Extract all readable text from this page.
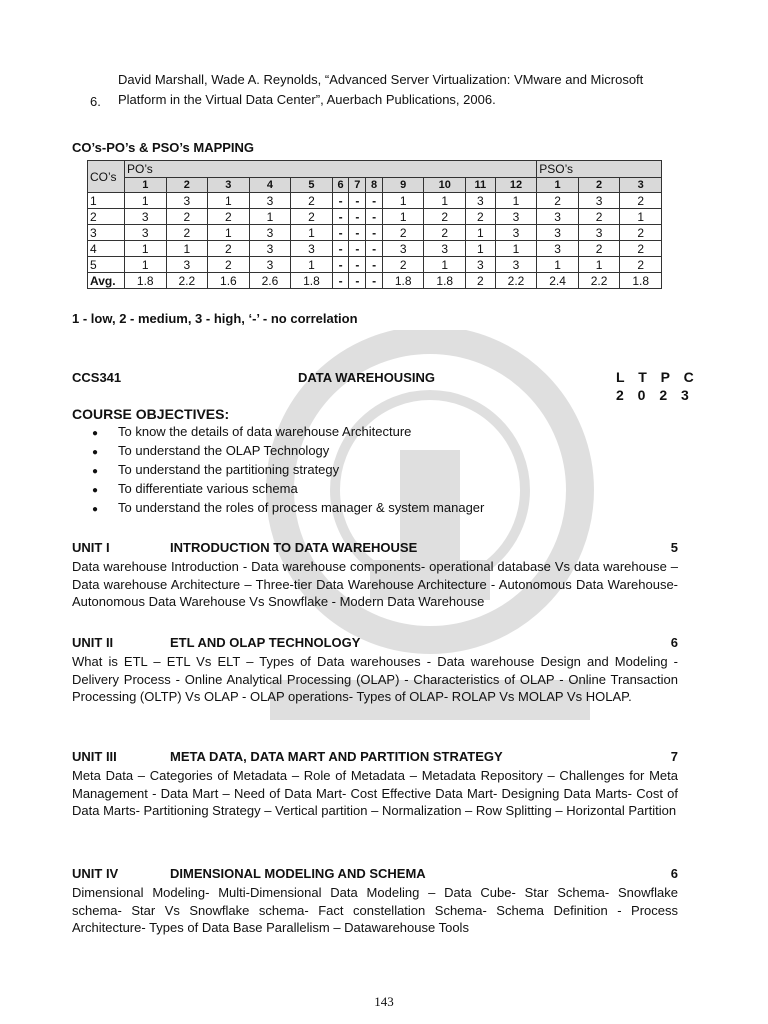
6.
David Marshall, Wade A. Reynolds, “Advanced Server Virtualization: VMware and Microsoft Platform in the Virtual Data Center”, Auerbach Publications, 2006.
CO’s-PO’s & PSO’s MAPPING
CO’s	PO’s												PSO’s		
	1	2	3	4	5	6	7	8	9	10	11	12	1	2	3
1	1	3	1	3	2	-	-	-	1	1	3	1	2	3	2
2	3	2	2	1	2	-	-	-	1	2	2	3	3	2	1
3	3	2	1	3	1	-	-	-	2	2	1	3	3	3	2
4	1	1	2	3	3	-	-	-	3	3	1	1	3	2	2
5	1	3	2	3	1	-	-	-	2	1	3	3	1	1	2
Avg.	1.8	2.2	1.6	2.6	1.8	-	-	-	1.8	1.8	2	2.2	2.4	2.2	1.8
1 - low, 2 - medium, 3 - high, ‘-’ - no correlation
CCS341	DATA WAREHOUSING	L T P C
2 0 2 3
COURSE OBJECTIVES:
● To know the details of data warehouse Architecture
● To understand the OLAP Technology
● To understand the partitioning strategy
● To differentiate various schema
● To understand the roles of process manager & system manager
UNIT I	INTRODUCTION TO DATA WAREHOUSE	5
Data warehouse Introduction - Data warehouse components- operational database Vs data warehouse – Data warehouse Architecture – Three-tier Data Warehouse Architecture - Autonomous Data Warehouse- Autonomous Data Warehouse Vs Snowflake - Modern Data Warehouse
UNIT II	ETL AND OLAP TECHNOLOGY	6
What is ETL – ETL Vs ELT – Types of Data warehouses - Data warehouse Design and Modeling - Delivery Process - Online Analytical Processing (OLAP) - Characteristics of OLAP - Online Transaction Processing (OLTP) Vs OLAP - OLAP operations- Types of OLAP- ROLAP Vs MOLAP Vs HOLAP.
UNIT III	META DATA, DATA MART AND PARTITION STRATEGY	7
Meta Data – Categories of Metadata – Role of Metadata – Metadata Repository – Challenges for Meta Management - Data Mart – Need of Data Mart- Cost Effective Data Mart- Designing Data Marts- Cost of Data Marts- Partitioning Strategy – Vertical partition – Normalization – Row Splitting – Horizontal Partition
UNIT IV	DIMENSIONAL MODELING AND SCHEMA	6
Dimensional Modeling- Multi-Dimensional Data Modeling – Data Cube- Star Schema- Snowflake schema- Star Vs Snowflake schema- Fact constellation Schema- Schema Definition - Process Architecture- Types of Data Base Parallelism – Datawarehouse Tools
143
